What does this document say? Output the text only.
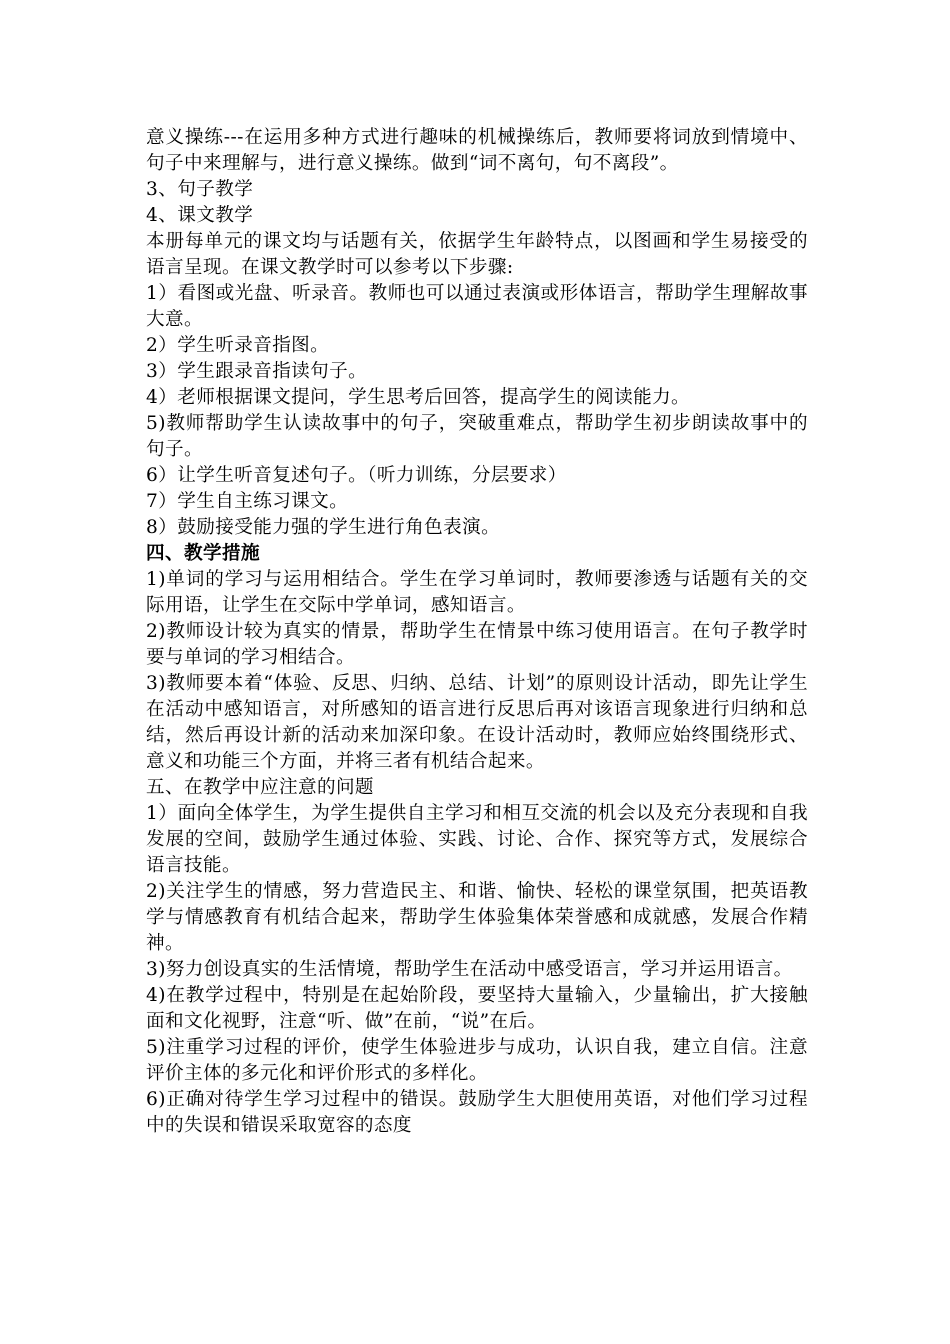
意义操练---在运用多种方式进行趣味的机械操练后，教师要将词放到情境中、句子中来理解与，进行意义操练。做到“词不离句，句不离段”。

3、句子教学

4、课文教学

本册每单元的课文均与话题有关，依据学生年龄特点，以图画和学生易接受的语言呈现。在课文教学时可以参考以下步骤:

1）看图或光盘、听录音。教师也可以通过表演或形体语言，帮助学生理解故事大意。

2）学生听录音指图。

3）学生跟录音指读句子。

4）老师根据课文提问，学生思考后回答，提高学生的阅读能力。

5)教师帮助学生认读故事中的句子，突破重难点，帮助学生初步朗读故事中的句子。

6）让学生听音复述句子。（听力训练，分层要求）

7）学生自主练习课文。

8）鼓励接受能力强的学生进行角色表演。

四、教学措施

1)单词的学习与运用相结合。学生在学习单词时，教师要渗透与话题有关的交际用语，让学生在交际中学单词，感知语言。

2)教师设计较为真实的情景，帮助学生在情景中练习使用语言。在句子教学时要与单词的学习相结合。

3)教师要本着“体验、反思、归纳、总结、计划”的原则设计活动，即先让学生在活动中感知语言，对所感知的语言进行反思后再对该语言现象进行归纳和总结，然后再设计新的活动来加深印象。在设计活动时，教师应始终围绕形式、意义和功能三个方面，并将三者有机结合起来。

五、在教学中应注意的问题

1）面向全体学生，为学生提供自主学习和相互交流的机会以及充分表现和自我发展的空间，鼓励学生通过体验、实践、讨论、合作、探究等方式，发展综合语言技能。

2)关注学生的情感，努力营造民主、和谐、愉快、轻松的课堂氛围，把英语教学与情感教育有机结合起来，帮助学生体验集体荣誉感和成就感，发展合作精神。

3)努力创设真实的生活情境，帮助学生在活动中感受语言，学习并运用语言。

4)在教学过程中，特别是在起始阶段，要坚持大量输入，少量输出，扩大接触面和文化视野，注意“听、做”在前，“说”在后。

5)注重学习过程的评价，使学生体验进步与成功，认识自我，建立自信。注意评价主体的多元化和评价形式的多样化。

6)正确对待学生学习过程中的错误。鼓励学生大胆使用英语，对他们学习过程中的失误和错误采取宽容的态度
